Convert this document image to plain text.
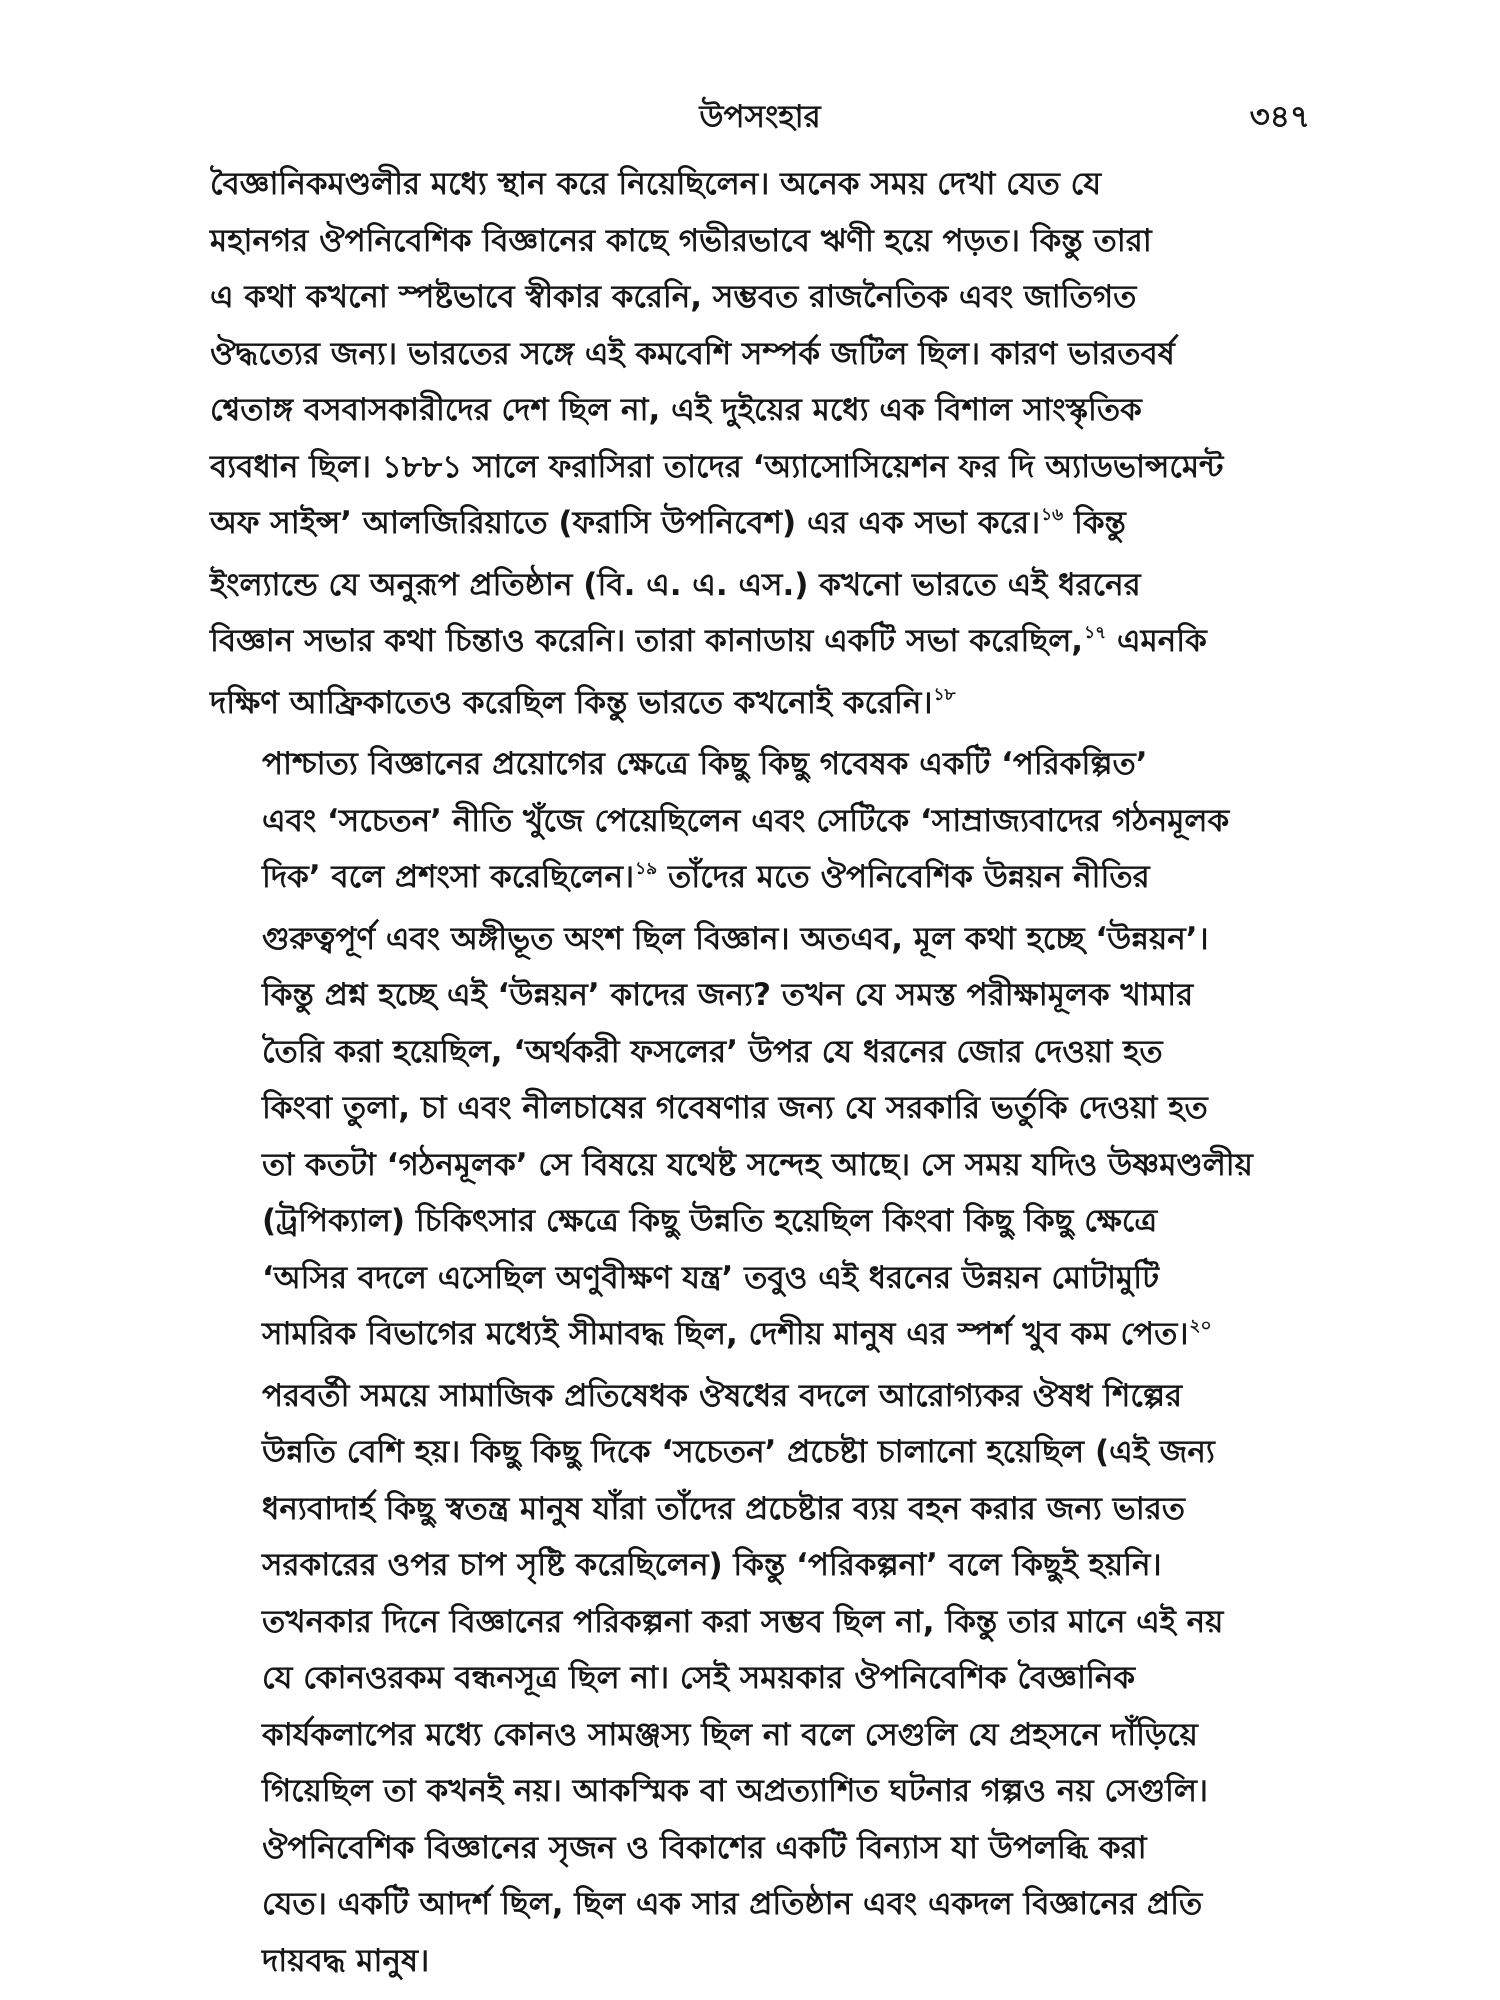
উপসংহার	৩৪৭

বৈজ্ঞানিকমণ্ডলীর মধ্যে স্থান করে নিয়েছিলেন। অনেক সময় দেখা যেত যে
মহানগর ঔপনিবেশিক বিজ্ঞানের কাছে গভীরভাবে ঋণী হয়ে পড়ত। কিন্তু তারা
এ কথা কখনো স্পষ্টভাবে স্বীকার করেনি, সম্ভবত রাজনৈতিক এবং জাতিগত
ঔদ্ধত্যের জন্য। ভারতের সঙ্গে এই কমবেশি সম্পর্ক জটিল ছিল। কারণ ভারতবর্ষ
শ্বেতাঙ্গ বসবাসকারীদের দেশ ছিল না, এই দুইয়ের মধ্যে এক বিশাল সাংস্কৃতিক
ব্যবধান ছিল। ১৮৮১ সালে ফরাসিরা তাদের ‘অ্যাসোসিয়েশন ফর দি অ্যাডভান্সমেন্ট
অফ সাইন্স’ আলজিরিয়াতে (ফরাসি উপনিবেশ) এর এক সভা করে।$^{১৬}$ কিন্তু
ইংল্যান্ডে যে অনুরূপ প্রতিষ্ঠান (বি. এ. এ. এস.) কখনো ভারতে এই ধরনের
বিজ্ঞান সভার কথা চিন্তাও করেনি। তারা কানাডায় একটি সভা করেছিল,$^{১৭}$ এমনকি
দক্ষিণ আফ্রিকাতেও করেছিল কিন্তু ভারতে কখনোই করেনি।$^{১৮}$

পাশ্চাত্য বিজ্ঞানের প্রয়োগের ক্ষেত্রে কিছু কিছু গবেষক একটি ‘পরিকল্পিত’
এবং ‘সচেতন’ নীতি খুঁজে পেয়েছিলেন এবং সেটিকে ‘সাম্রাজ্যবাদের গঠনমূলক
দিক’ বলে প্রশংসা করেছিলেন।$^{১৯}$ তাঁদের মতে ঔপনিবেশিক উন্নয়ন নীতির
গুরুত্বপূর্ণ এবং অঙ্গীভূত অংশ ছিল বিজ্ঞান। অতএব, মূল কথা হচ্ছে ‘উন্নয়ন’।
কিন্তু প্রশ্ন হচ্ছে এই ‘উন্নয়ন’ কাদের জন্য? তখন যে সমস্ত পরীক্ষামূলক খামার
তৈরি করা হয়েছিল, ‘অর্থকরী ফসলের’ উপর যে ধরনের জোর দেওয়া হত
কিংবা তুলা, চা এবং নীলচাষের গবেষণার জন্য যে সরকারি ভর্তুকি দেওয়া হত
তা কতটা ‘গঠনমূলক’ সে বিষয়ে যথেষ্ট সন্দেহ আছে। সে সময় যদিও উষ্ণমণ্ডলীয়
(ট্রপিক্যাল) চিকিৎসার ক্ষেত্রে কিছু উন্নতি হয়েছিল কিংবা কিছু কিছু ক্ষেত্রে
‘অসির বদলে এসেছিল অণুবীক্ষণ যন্ত্র’ তবুও এই ধরনের উন্নয়ন মোটামুটি
সামরিক বিভাগের মধ্যেই সীমাবদ্ধ ছিল, দেশীয় মানুষ এর স্পর্শ খুব কম পেত।$^{২০}$
পরবর্তী সময়ে সামাজিক প্রতিষেধক ঔষধের বদলে আরোগ্যকর ঔষধ শিল্পের
উন্নতি বেশি হয়। কিছু কিছু দিকে ‘সচেতন’ প্রচেষ্টা চালানো হয়েছিল (এই জন্য
ধন্যবাদার্হ কিছু স্বতন্ত্র মানুষ যাঁরা তাঁদের প্রচেষ্টার ব্যয় বহন করার জন্য ভারত
সরকারের ওপর চাপ সৃষ্টি করেছিলেন) কিন্তু ‘পরিকল্পনা’ বলে কিছুই হয়নি।
তখনকার দিনে বিজ্ঞানের পরিকল্পনা করা সম্ভব ছিল না, কিন্তু তার মানে এই নয়
যে কোনওরকম বন্ধনসূত্র ছিল না। সেই সময়কার ঔপনিবেশিক বৈজ্ঞানিক
কার্যকলাপের মধ্যে কোনও সামঞ্জস্য ছিল না বলে সেগুলি যে প্রহসনে দাঁড়িয়ে
গিয়েছিল তা কখনই নয়। আকস্মিক বা অপ্রত্যাশিত ঘটনার গল্পও নয় সেগুলি।
ঔপনিবেশিক বিজ্ঞানের সৃজন ও বিকাশের একটি বিন্যাস যা উপলব্ধি করা
যেত। একটি আদর্শ ছিল, ছিল এক সার প্রতিষ্ঠান এবং একদল বিজ্ঞানের প্রতি
দায়বদ্ধ মানুষ।
